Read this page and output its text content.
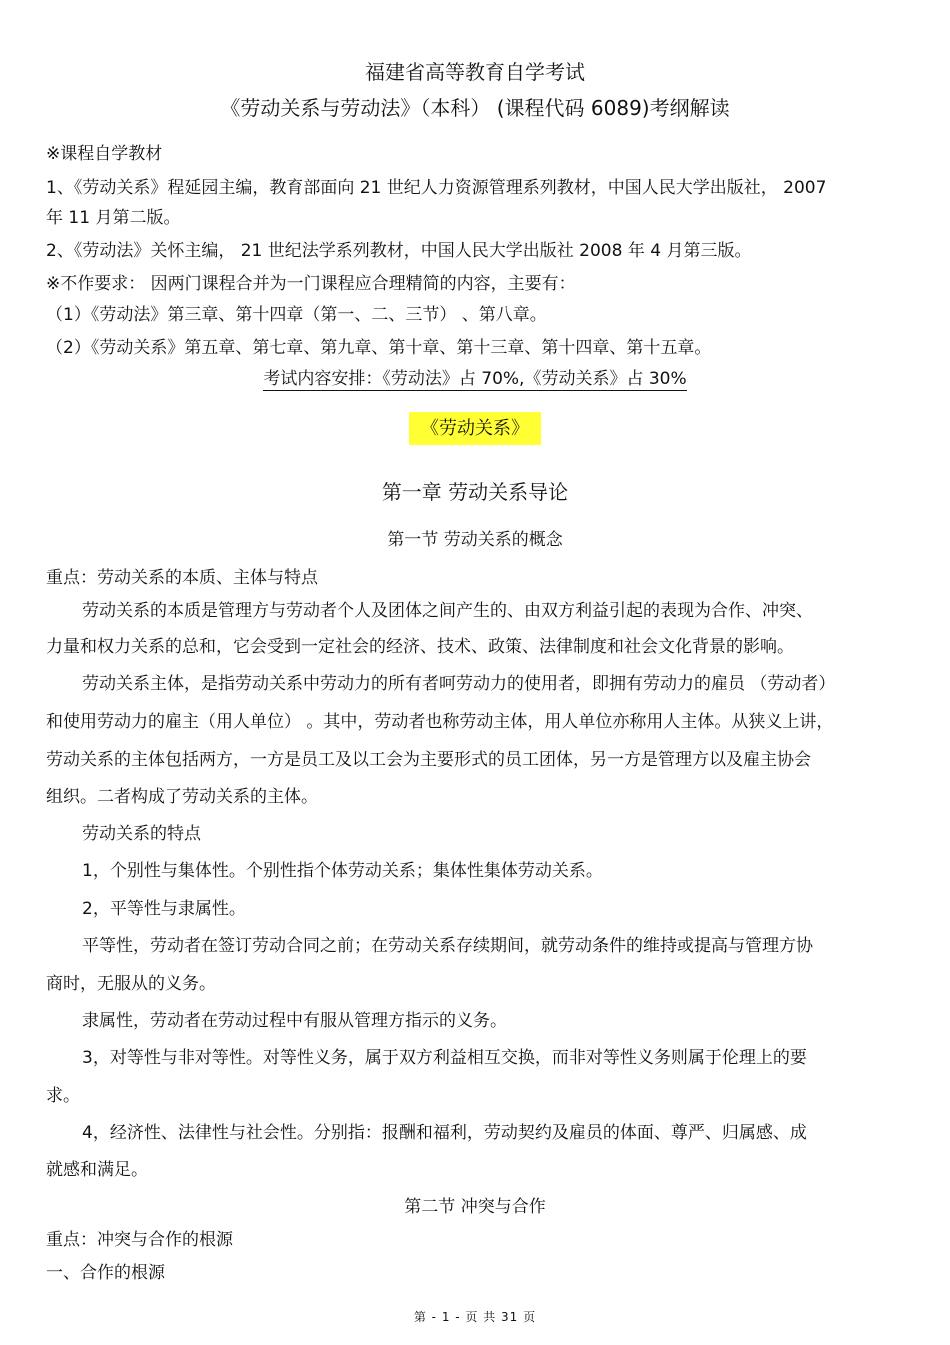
福建省高等教育自学考试
《劳动关系与劳动法》（本科） (课程代码 6089)考纲解读
※课程自学教材
1、《劳动关系》程延园主编，教育部面向 21 世纪人力资源管理系列教材，中国人民大学出版社， 2007
年 11 月第二版。
2、《劳动法》关怀主编， 21 世纪法学系列教材，中国人民大学出版社 2008 年 4 月第三版。
※不作要求： 因两门课程合并为一门课程应合理精简的内容，主要有：
（1）《劳动法》第三章、第十四章（第一、二、三节） 、第八章。
（2）《劳动关系》第五章、第七章、第九章、第十章、第十三章、第十四章、第十五章。
考试内容安排：《劳动法》占 70%,《劳动关系》占 30%
《劳动关系》
第一章 劳动关系导论
第一节 劳动关系的概念
重点：劳动关系的本质、主体与特点
劳动关系的本质是管理方与劳动者个人及团体之间产生的、由双方利益引起的表现为合作、冲突、
力量和权力关系的总和，它会受到一定社会的经济、技术、政策、法律制度和社会文化背景的影响。
劳动关系主体，是指劳动关系中劳动力的所有者呵劳动力的使用者，即拥有劳动力的雇员 （劳动者）
和使用劳动力的雇主（用人单位） 。其中，劳动者也称劳动主体，用人单位亦称用人主体。从狭义上讲，
劳动关系的主体包括两方，一方是员工及以工会为主要形式的员工团体，另一方是管理方以及雇主协会
组织。二者构成了劳动关系的主体。
劳动关系的特点
1，个别性与集体性。个别性指个体劳动关系；集体性集体劳动关系。
2，平等性与隶属性。
平等性，劳动者在签订劳动合同之前；在劳动关系存续期间，就劳动条件的维持或提高与管理方协
商时，无服从的义务。
隶属性，劳动者在劳动过程中有服从管理方指示的义务。
3，对等性与非对等性。对等性义务，属于双方利益相互交换，而非对等性义务则属于伦理上的要
求。
4，经济性、法律性与社会性。分别指：报酬和福利，劳动契约及雇员的体面、尊严、归属感、成
就感和满足。
第二节 冲突与合作
重点：冲突与合作的根源
一、合作的根源
第 - 1 - 页 共 31 页
